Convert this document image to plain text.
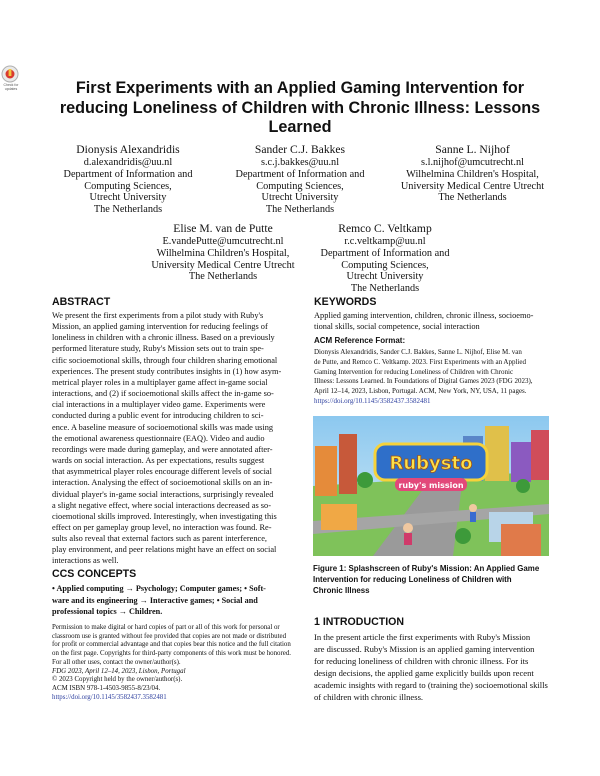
Check for updates	First Experiments with an Applied Gaming Intervention for reducing Loneliness of Children with Chronic Illness: Lessons Learned
Dionysis Alexandridis
d.alexandridis@uu.nl
Department of Information and
Computing Sciences,
Utrecht University
The Netherlands
Sander C.J. Bakkes
s.c.j.bakkes@uu.nl
Department of Information and
Computing Sciences,
Utrecht University
The Netherlands
Sanne L. Nijhof
s.l.nijhof@umcutrecht.nl
Wilhelmina Children's Hospital,
University Medical Centre Utrecht
The Netherlands
Elise M. van de Putte
E.vandePutte@umcutrecht.nl
Wilhelmina Children's Hospital,
University Medical Centre Utrecht
The Netherlands
Remco C. Veltkamp
r.c.veltkamp@uu.nl
Department of Information and
Computing Sciences,
Utrecht University
The Netherlands
ABSTRACT
We present the first experiments from a pilot study with Ruby's
Mission, an applied gaming intervention for reducing feelings of
loneliness in children with a chronic illness. Based on a previously
performed literature study, Ruby's Mission sets out to train spe-
cific socioemotional skills, through four children sharing emotional
experiences. The present study contributes insights in (1) how asym-
metrical player roles in a multiplayer game affect in-game social
interactions, and (2) if socioemotional skills affect the in-game so-
cial interactions in a multiplayer video game. Experiments were
conducted during a public event for introducing children to sci-
ence. A baseline measure of socioemotional skills was made using
the emotional awareness questionnaire (EAQ). Video and audio
recordings were made during gameplay, and were annotated after-
wards on social interaction. As per expectations, results suggest
that asymmetrical player roles encourage different levels of social
interaction. Analysing the effect of socioemotional skills on an in-
dividual player's in-game social interactions, surprisingly revealed
a slight negative effect, where social interactions decreased as so-
cioemotional skills improved. Interestingly, when investigating this
effect on per gameplay group level, no interaction was found. Re-
sults also reveal that external factors such as parent interference,
play environment, and peer relations might have an effect on social
interactions as well.
CCS CONCEPTS
• Applied computing → Psychology; Computer games; • Soft-
ware and its engineering → Interactive games; • Social and
professional topics → Children.
Permission to make digital or hard copies of part or all of this work for personal or
classroom use is granted without fee provided that copies are not made or distributed
for profit or commercial advantage and that copies bear this notice and the full citation
on the first page. Copyrights for third-party components of this work must be honored.
For all other uses, contact the owner/author(s).
FDG 2023, April 12–14, 2023, Lisbon, Portugal
© 2023 Copyright held by the owner/author(s).
ACM ISBN 978-1-4503-9855-8/23/04.
https://doi.org/10.1145/3582437.3582481
KEYWORDS
Applied gaming intervention, children, chronic illness, socioemo-
tional skills, social competence, social interaction
ACM Reference Format:
Dionysis Alexandridis, Sander C.J. Bakkes, Sanne L. Nijhof, Elise M. van
de Putte, and Remco C. Veltkamp. 2023. First Experiments with an Applied
Gaming Intervention for reducing Loneliness of Children with Chronic
Illness: Lessons Learned. In Foundations of Digital Games 2023 (FDG 2023),
April 12–14, 2023, Lisbon, Portugal. ACM, New York, NY, USA, 11 pages.
https://doi.org/10.1145/3582437.3582481
Rubysto
ruby's mission
Figure 1: Splashscreen of Ruby's Mission: An Applied Game
Intervention for reducing Loneliness of Children with
Chronic Illness
1 INTRODUCTION
In the present article the first experiments with Ruby's Mission
are discussed. Ruby's Mission is an applied gaming intervention
for reducing loneliness of children with chronic illness. For its
design decisions, the applied game explicitly builds upon recent
academic insights with regard to (training the) socioemotional skills
of children with chronic illness.
